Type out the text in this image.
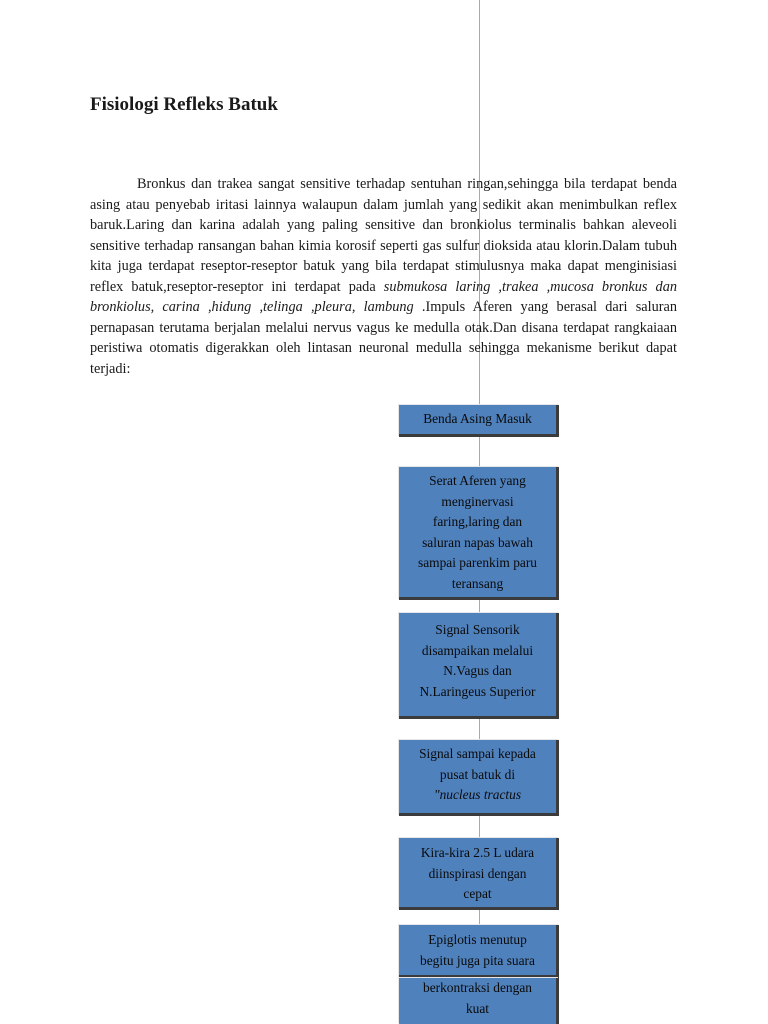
Fisiologi Refleks Batuk

Bronkus dan trakea sangat sensitive terhadap sentuhan ringan,sehingga bila terdapat benda asing atau penyebab iritasi lainnya walaupun dalam jumlah yang sedikit akan menimbulkan reflex baruk.Laring dan karina adalah yang paling sensitive dan bronkiolus terminalis bahkan aleveoli sensitive terhadap ransangan bahan kimia korosif seperti gas sulfur dioksida atau klorin.Dalam tubuh kita juga terdapat reseptor-reseptor batuk yang bila terdapat stimulusnya maka dapat menginisiasi reflex batuk,reseptor-reseptor ini terdapat pada submukosa laring ,trakea ,mucosa bronkus dan bronkiolus, carina ,hidung ,telinga ,pleura, lambung .Impuls Aferen yang berasal dari saluran pernapasan terutama berjalan melalui nervus vagus ke medulla otak.Dan disana terdapat rangkaiaan peristiwa otomatis digerakkan oleh lintasan neuronal medulla sehingga mekanisme berikut dapat terjadi:

Benda Asing Masuk
Serat Aferen yang
menginervasi
faring,laring dan
saluran napas bawah
sampai parenkim paru
teransang
Signal Sensorik
disampaikan melalui
N.Vagus dan
N.Laringeus Superior
Signal sampai kepada
pusat batuk di
"nucleus tractus
Kira-kira 2.5 L udara
diinspirasi dengan
cepat
Epiglotis menutup
begitu juga pita suara
berkontraksi dengan
kuat
